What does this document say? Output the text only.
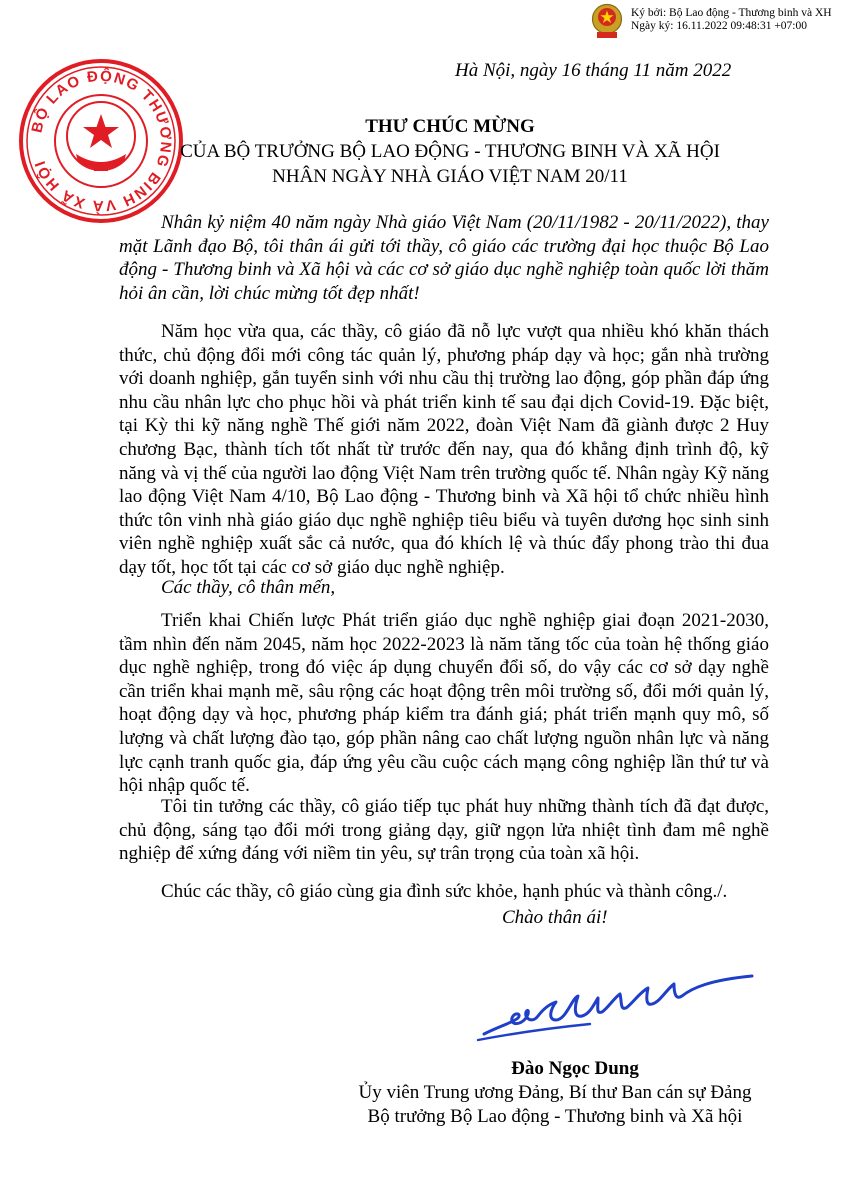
Ký bởi: Bộ Lao động - Thương binh và XH
Ngày ký: 16.11.2022 09:48:31 +07:00
BỘ LAO ĐỘNG THƯƠNG BINH VÀ XÃ HỘI
Hà Nội, ngày 16 tháng 11 năm 2022
THƯ CHÚC MỪNG
CỦA BỘ TRƯỞNG BỘ LAO ĐỘNG - THƯƠNG BINH VÀ XÃ HỘI
NHÂN NGÀY NHÀ GIÁO VIỆT NAM 20/11
Nhân kỷ niệm 40 năm ngày Nhà giáo Việt Nam (20/11/1982 - 20/11/2022), thay mặt Lãnh đạo Bộ, tôi thân ái gửi tới thầy, cô giáo các trường đại học thuộc Bộ Lao động - Thương binh và Xã hội và các cơ sở giáo dục nghề nghiệp toàn quốc lời thăm hỏi ân cần, lời chúc mừng tốt đẹp nhất!
Năm học vừa qua, các thầy, cô giáo đã nỗ lực vượt qua nhiều khó khăn thách thức, chủ động đổi mới công tác quản lý, phương pháp dạy và học; gắn nhà trường với doanh nghiệp, gắn tuyển sinh với nhu cầu thị trường lao động, góp phần đáp ứng nhu cầu nhân lực cho phục hồi và phát triển kinh tế sau đại dịch Covid-19. Đặc biệt, tại Kỳ thi kỹ năng nghề Thế giới năm 2022, đoàn Việt Nam đã giành được 2 Huy chương Bạc, thành tích tốt nhất từ trước đến nay, qua đó khẳng định trình độ, kỹ năng và vị thế của người lao động Việt Nam trên trường quốc tế. Nhân ngày Kỹ năng lao động Việt Nam 4/10, Bộ Lao động - Thương binh và Xã hội tổ chức nhiều hình thức tôn vinh nhà giáo giáo dục nghề nghiệp tiêu biểu và tuyên dương học sinh sinh viên nghề nghiệp xuất sắc cả nước, qua đó khích lệ và thúc đẩy phong trào thi đua dạy tốt, học tốt tại các cơ sở giáo dục nghề nghiệp.
Các thầy, cô thân mến,
Triển khai Chiến lược Phát triển giáo dục nghề nghiệp giai đoạn 2021-2030, tầm nhìn đến năm 2045, năm học 2022-2023 là năm tăng tốc của toàn hệ thống giáo dục nghề nghiệp, trong đó việc áp dụng chuyển đổi số, do vậy các cơ sở dạy nghề cần triển khai mạnh mẽ, sâu rộng các hoạt động trên môi trường số, đổi mới quản lý, hoạt động dạy và học, phương pháp kiểm tra đánh giá; phát triển mạnh quy mô, số lượng và chất lượng đào tạo, góp phần nâng cao chất lượng nguồn nhân lực và năng lực cạnh tranh quốc gia, đáp ứng yêu cầu cuộc cách mạng công nghiệp lần thứ tư và hội nhập quốc tế.
Tôi tin tưởng các thầy, cô giáo tiếp tục phát huy những thành tích đã đạt được, chủ động, sáng tạo đổi mới trong giảng dạy, giữ ngọn lửa nhiệt tình đam mê nghề nghiệp để xứng đáng với niềm tin yêu, sự trân trọng của toàn xã hội.
Chúc các thầy, cô giáo cùng gia đình sức khỏe, hạnh phúc và thành công./.
Chào thân ái!
Đào Ngọc Dung
Ủy viên Trung ương Đảng, Bí thư Ban cán sự Đảng
Bộ trưởng Bộ Lao động - Thương binh và Xã hội
